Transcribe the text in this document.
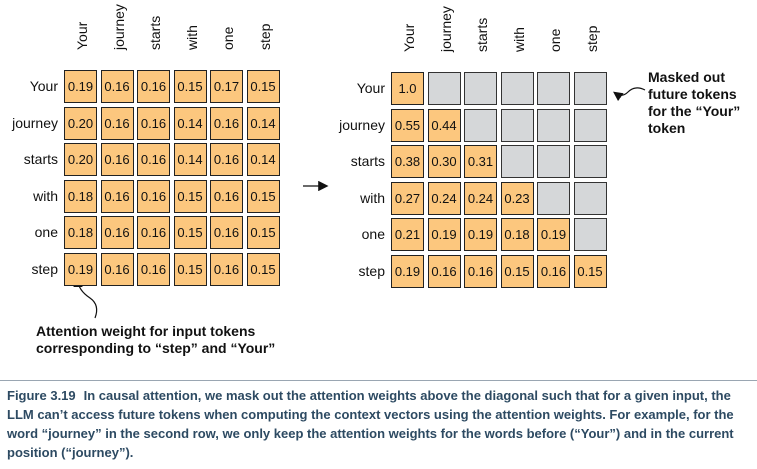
Masked out
future tokens
for the “Your”
token
Attention weight for input tokens
corresponding to “step” and “Your”
Figure 3.19 In causal attention, we mask out the attention weights above the diagonal such that for a given input, the LLM can’t access future tokens when computing the context vectors using the attention weights. For example, for the word “journey” in the second row, we only keep the attention weights for the words before (“Your”) and in the current position (“journey”).
Your journey starts with one step
Your 0.19 0.16 0.16 0.15 0.17 0.15
journey 0.20 0.16 0.16 0.14 0.16 0.14
starts 0.20 0.16 0.16 0.14 0.16 0.14
with 0.18 0.16 0.16 0.15 0.16 0.15
one 0.18 0.16 0.16 0.15 0.16 0.15
step 0.19 0.16 0.16 0.15 0.16 0.15
Your journey starts with one step
Your	1.0
journey 0.55 0.44
starts 0.38 0.30 0.31
with 0.27 0.24 0.24 0.23
one 0.21 0.19 0.19 0.18 0.19
step 0.19 0.16 0.16 0.15 0.16 0.15
